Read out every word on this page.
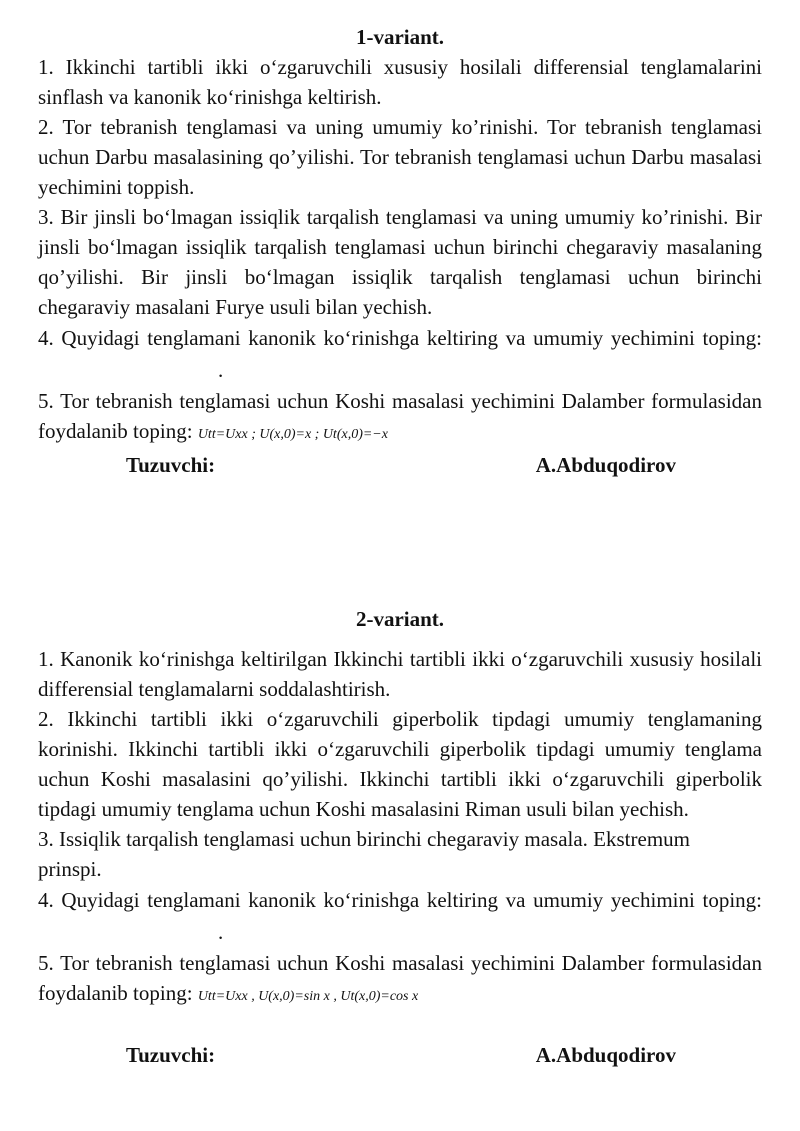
1-variant.

1. Ikkinchi tartibli ikki o‘zgaruvchili xususiy hosilali differensial tenglamalarini sinflash va kanonik ko‘rinishga keltirish.

2. Tor tebranish tenglamasi va uning umumiy ko’rinishi. Tor tebranish tenglamasi uchun Darbu masalasining qo’yilishi. Tor tebranish tenglamasi uchun Darbu masalasi yechimini toppish.

3. Bir jinsli bo‘lmagan issiqlik tarqalish tenglamasi va uning umumiy ko’rinishi. Bir jinsli bo‘lmagan issiqlik tarqalish tenglamasi uchun birinchi chegaraviy masalaning qo’yilishi. Bir jinsli bo‘lmagan issiqlik tarqalish tenglamasi uchun birinchi chegaraviy masalani Furye usuli bilan yechish.

4. Quyidagi tenglamani kanonik ko‘rinishga keltiring va umumiy yechimini toping:.

5. Tor tebranish tenglamasi uchun Koshi masalasi yechimini Dalamber formulasidan foydalanib toping: Utt=Uxx ; U(x,0)=x ; Ut(x,0)=−x

Tuzuvchi:	A.Abduqodirov
2-variant.

1. Kanonik ko‘rinishga keltirilgan Ikkinchi tartibli ikki o‘zgaruvchili xususiy hosilali differensial tenglamalarni soddalashtirish.

2. Ikkinchi tartibli ikki o‘zgaruvchili giperbolik tipdagi umumiy tenglamaning korinishi. Ikkinchi tartibli ikki o‘zgaruvchili giperbolik tipdagi umumiy tenglama uchun Koshi masalasini qo’yilishi. Ikkinchi tartibli ikki o‘zgaruvchili giperbolik tipdagi umumiy tenglama uchun Koshi masalasini Riman usuli bilan yechish.

3. Issiqlik tarqalish tenglamasi uchun birinchi chegaraviy masala. Ekstremum prinspi.

4. Quyidagi tenglamani kanonik ko‘rinishga keltiring va umumiy yechimini toping:.

5. Tor tebranish tenglamasi uchun Koshi masalasi yechimini Dalamber formulasidan foydalanib toping: Utt=Uxx , U(x,0)=sin x , Ut(x,0)=cos x

Tuzuvchi:	A.Abduqodirov
